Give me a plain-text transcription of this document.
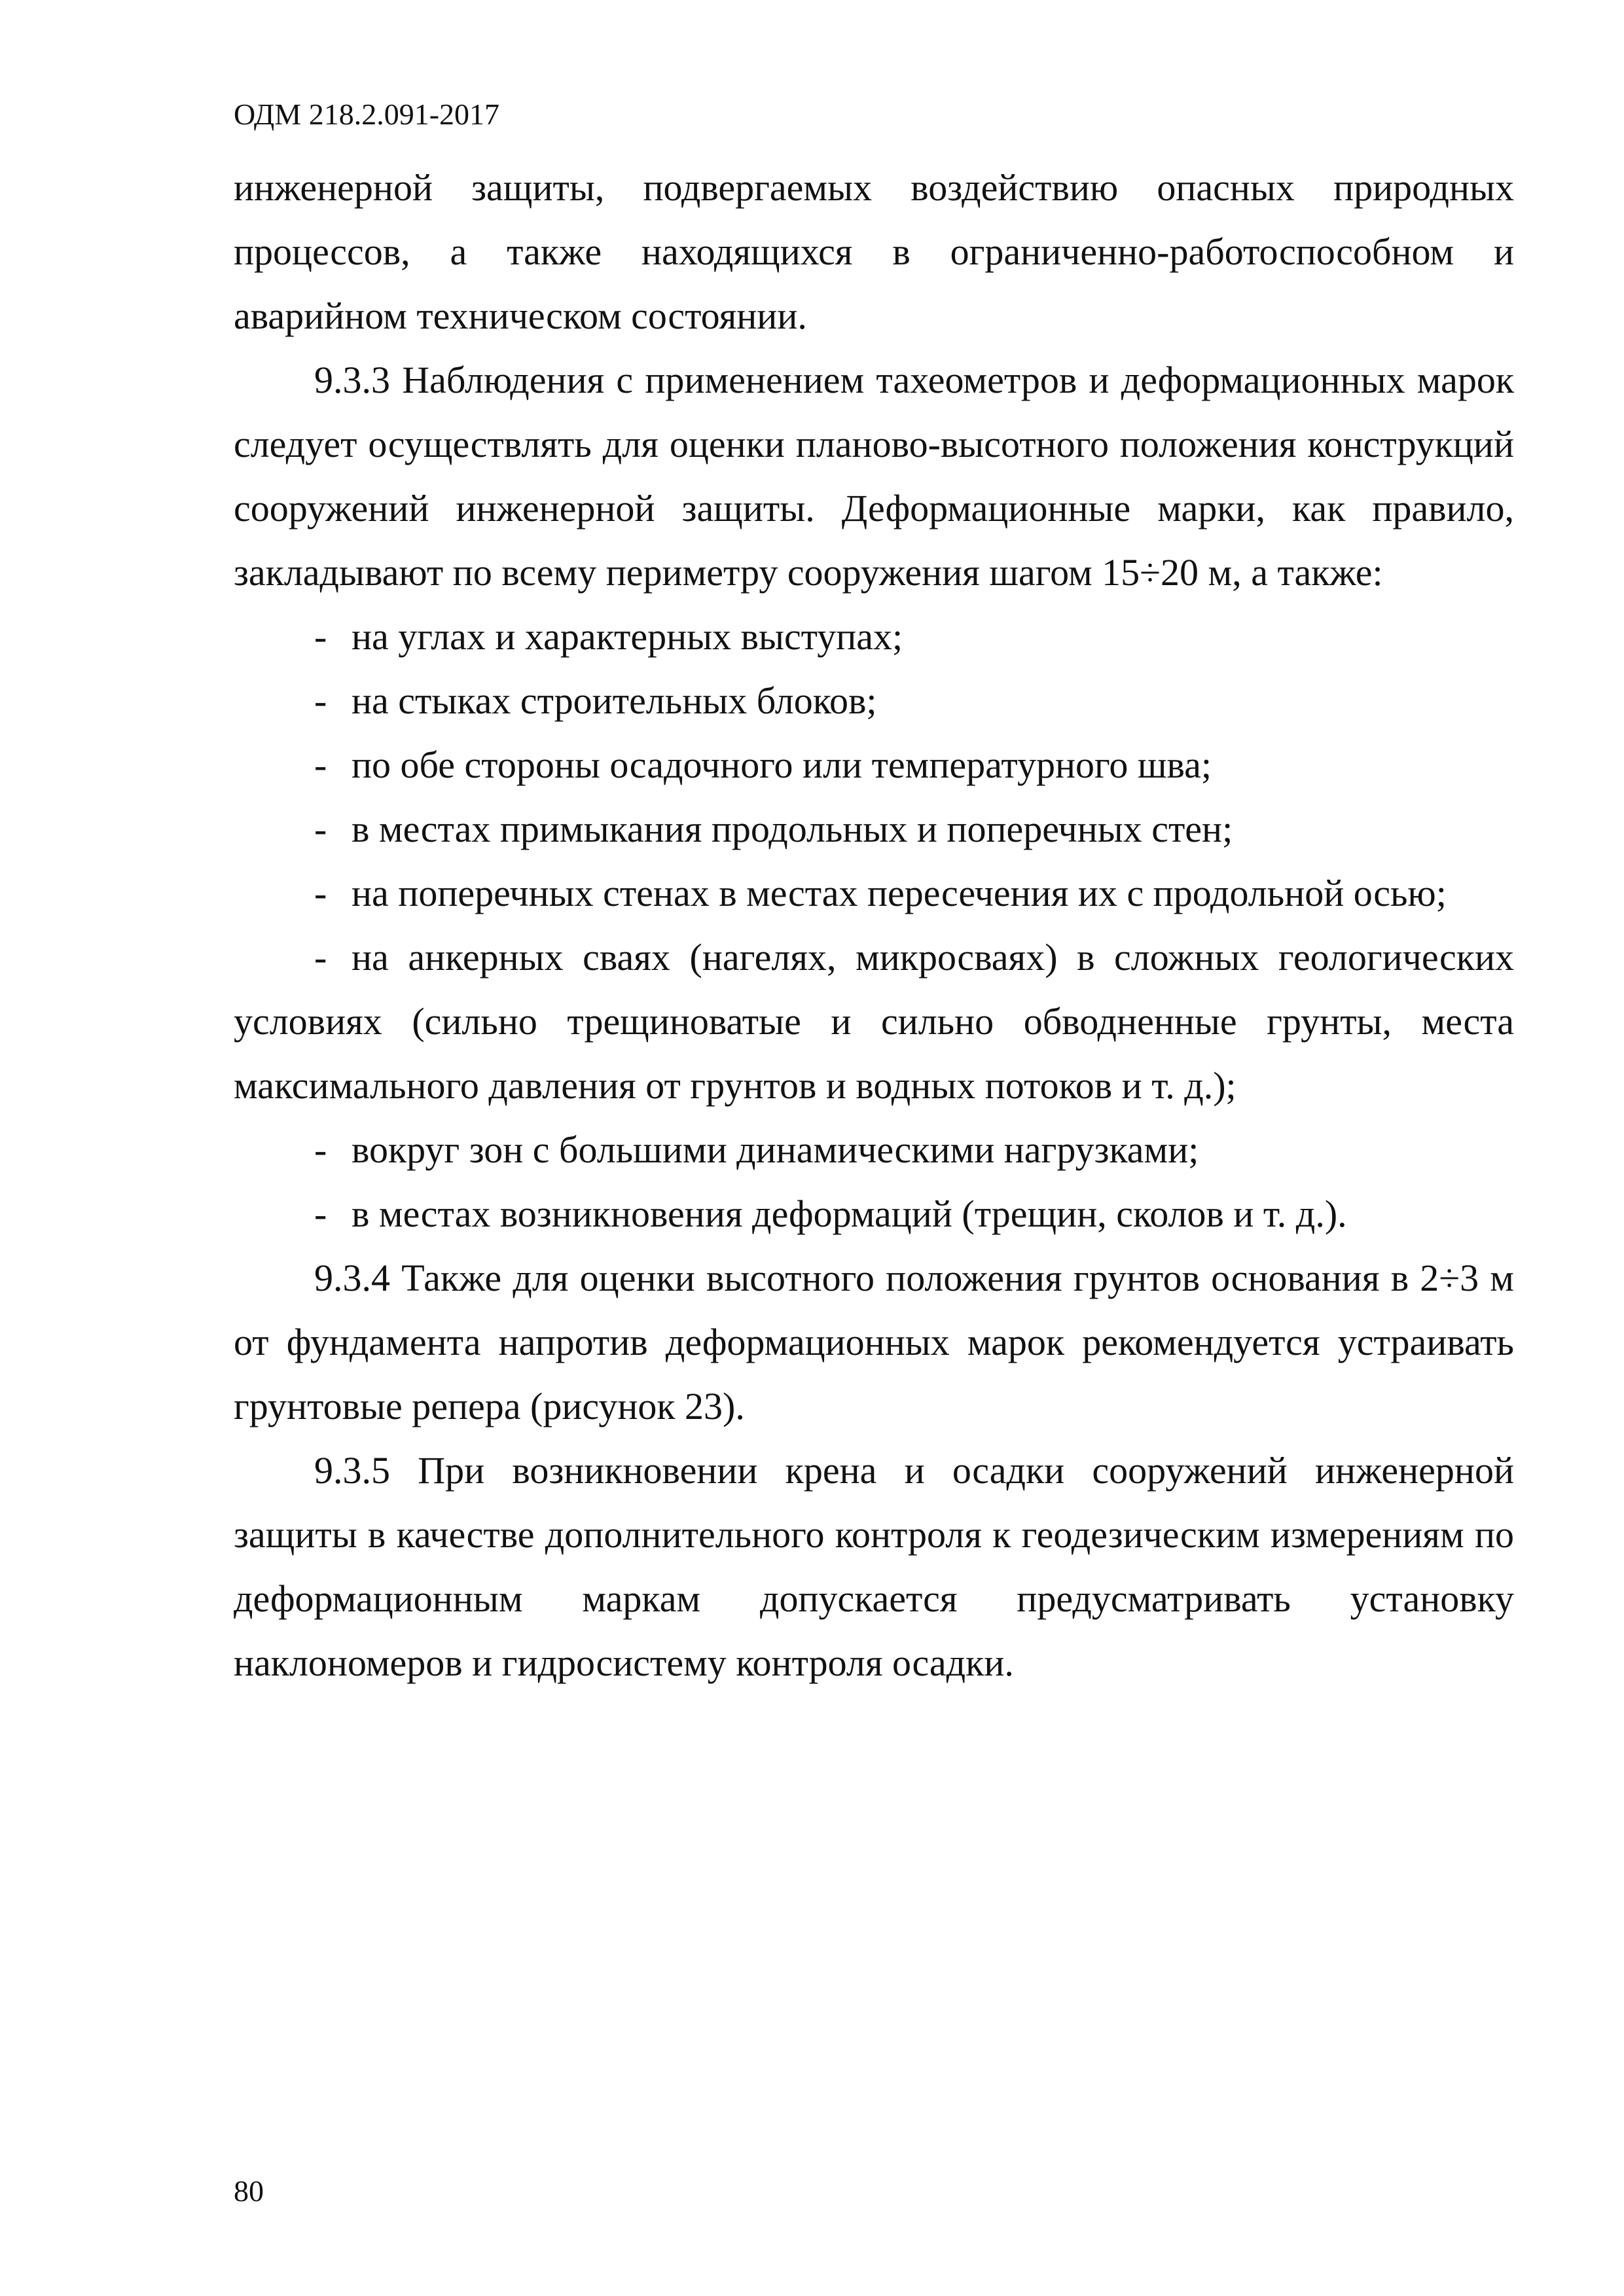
ОДМ 218.2.091-2017

инженерной защиты, подвергаемых воздействию опасных природных процессов, а также находящихся в ограниченно-работоспособном и аварийном техническом состоянии.

9.3.3 Наблюдения с применением тахеометров и деформационных марок следует осуществлять для оценки планово-высотного положения конструкций сооружений инженерной защиты. Деформационные марки, как правило, закладывают по всему периметру сооружения шагом 15÷20 м, а также:

- на углах и характерных выступах;

- на стыках строительных блоков;

- по обе стороны осадочного или температурного шва;

- в местах примыкания продольных и поперечных стен;

- на поперечных стенах в местах пересечения их с продольной осью;

- на анкерных сваях (нагелях, микросваях) в сложных геологических условиях (сильно трещиноватые и сильно обводненные грунты, места максимального давления от грунтов и водных потоков и т. д.);

- вокруг зон с большими динамическими нагрузками;

- в местах возникновения деформаций (трещин, сколов и т. д.).

9.3.4 Также для оценки высотного положения грунтов основания в 2÷3 м от фундамента напротив деформационных марок рекомендуется устраивать грунтовые репера (рисунок 23).

9.3.5 При возникновении крена и осадки сооружений инженерной защиты в качестве дополнительного контроля к геодезическим измерениям по деформационным маркам допускается предусматривать установку наклономеров и гидросистему контроля осадки.

80
